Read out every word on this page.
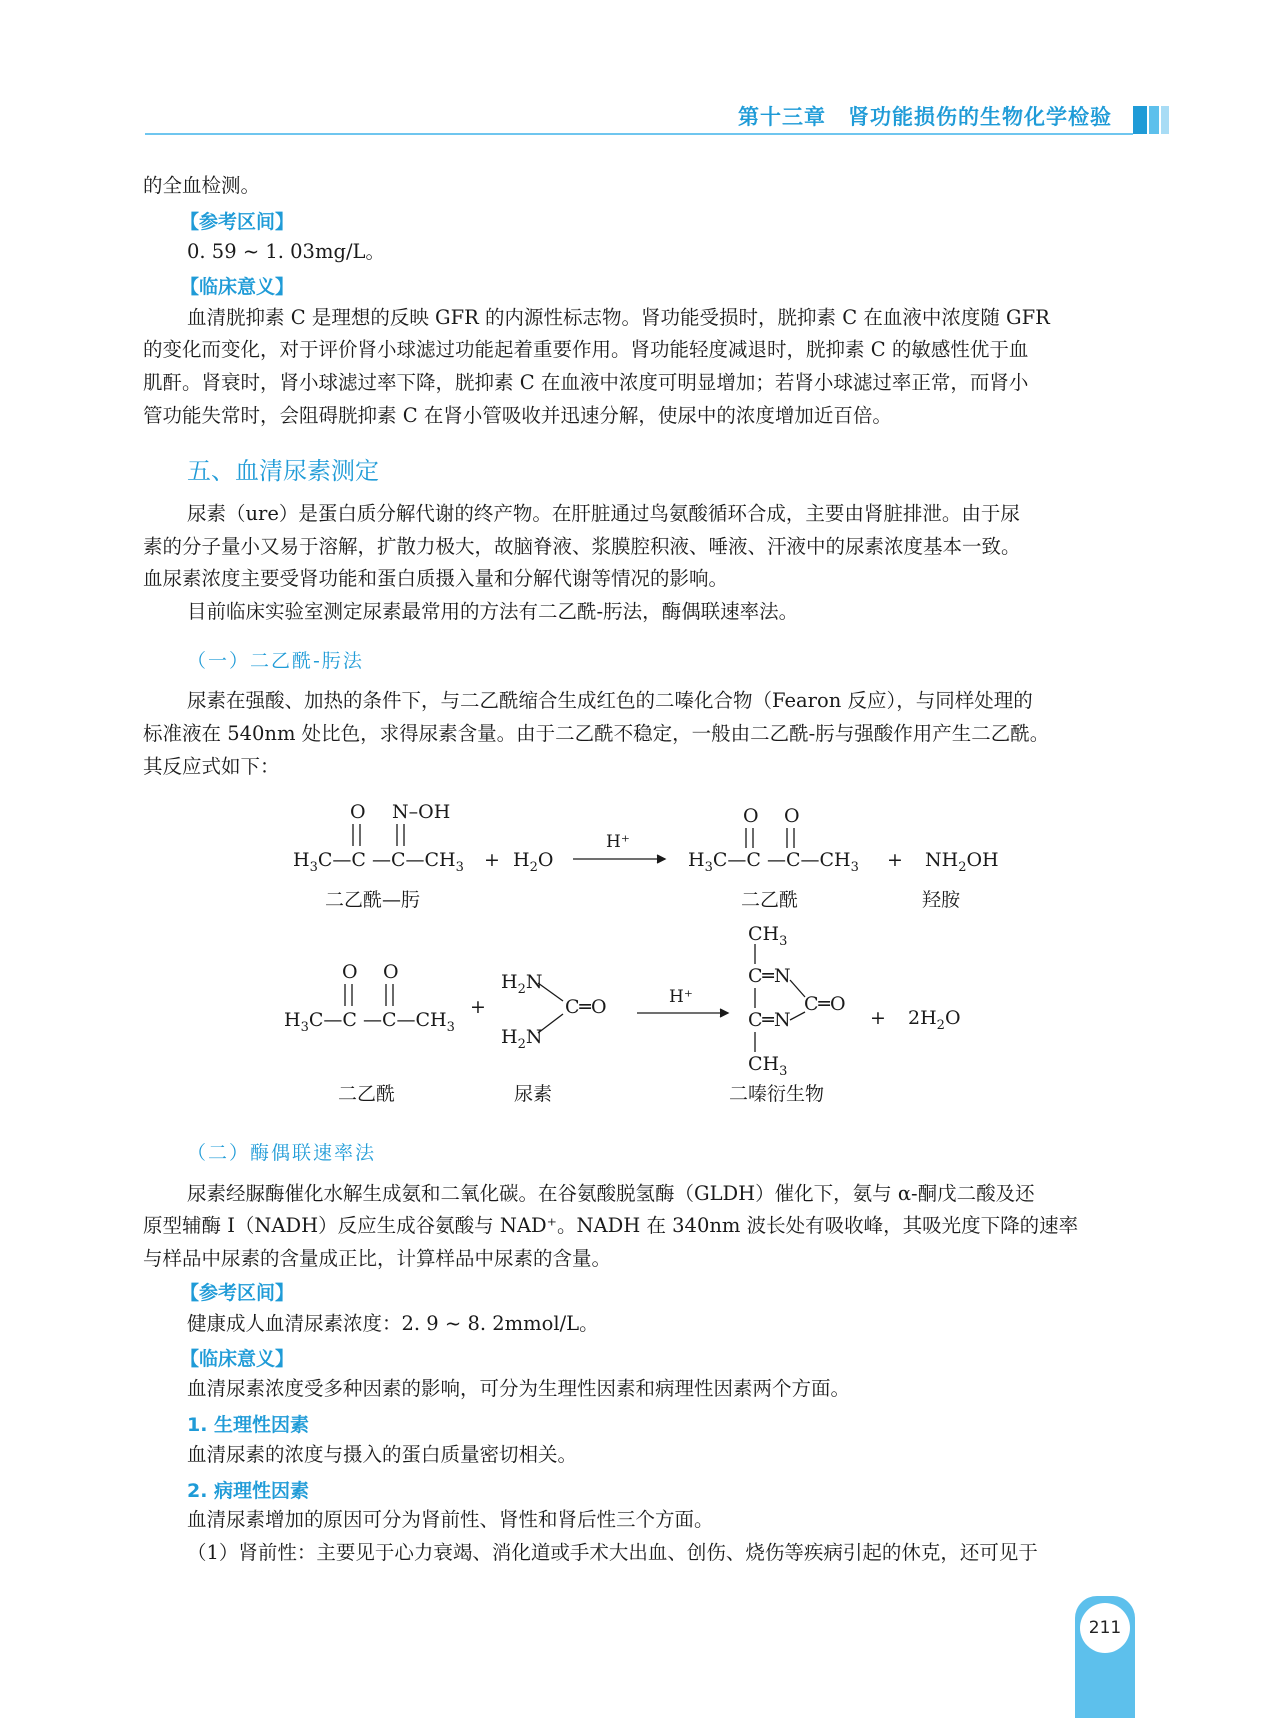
第十三章　肾功能损伤的生物化学检验
的全血检测。
【参考区间】
0. 59 ~ 1. 03mg/L。
【临床意义】
血清胱抑素 C 是理想的反映 GFR 的内源性标志物。肾功能受损时，胱抑素 C 在血液中浓度随 GFR
的变化而变化，对于评价肾小球滤过功能起着重要作用。肾功能轻度减退时，胱抑素 C 的敏感性优于血
肌酐。肾衰时，肾小球滤过率下降，胱抑素 C 在血液中浓度可明显增加；若肾小球滤过率正常，而肾小
管功能失常时，会阻碍胱抑素 C 在肾小管吸收并迅速分解，使尿中的浓度增加近百倍。
五、血清尿素测定
尿素（ure）是蛋白质分解代谢的终产物。在肝脏通过鸟氨酸循环合成，主要由肾脏排泄。由于尿
素的分子量小又易于溶解，扩散力极大，故脑脊液、浆膜腔积液、唾液、汗液中的尿素浓度基本一致。
血尿素浓度主要受肾功能和蛋白质摄入量和分解代谢等情况的影响。
目前临床实验室测定尿素最常用的方法有二乙酰-肟法，酶偶联速率法。
（一）二乙酰-肟法
尿素在强酸、加热的条件下，与二乙酰缩合生成红色的二嗪化合物（Fearon 反应），与同样处理的
标准液在 540nm 处比色，求得尿素含量。由于二乙酰不稳定，一般由二乙酰-肟与强酸作用产生二乙酰。
其反应式如下：
O N–OH
$H_3C—C$ $—C—CH_3 + H_2O$
H⁺
$H_3C—C$ $—C—CH_3$
O O
+ $NH_2OH$
二乙酰—肟	二乙酰	羟胺
O O
$H_3C—C$ $—C—CH_3$
+
$H_2N$
$H_2N$
C═O	H⁺
$CH_3$
C═N
C═O
C═N
$CH_3$
+ $2H_2O$
二乙酰	尿素	二嗪衍生物
（二）酶偶联速率法
尿素经脲酶催化水解生成氨和二氧化碳。在谷氨酸脱氢酶（GLDH）催化下，氨与 α-酮戊二酸及还
原型辅酶 I（NADH）反应生成谷氨酸与 NAD⁺。NADH 在 340nm 波长处有吸收峰，其吸光度下降的速率
与样品中尿素的含量成正比，计算样品中尿素的含量。
【参考区间】
健康成人血清尿素浓度：2. 9 ~ 8. 2mmol/L。
【临床意义】
血清尿素浓度受多种因素的影响，可分为生理性因素和病理性因素两个方面。
1. 生理性因素
血清尿素的浓度与摄入的蛋白质量密切相关。
2. 病理性因素
血清尿素增加的原因可分为肾前性、肾性和肾后性三个方面。
（1）肾前性：主要见于心力衰竭、消化道或手术大出血、创伤、烧伤等疾病引起的休克，还可见于
211
